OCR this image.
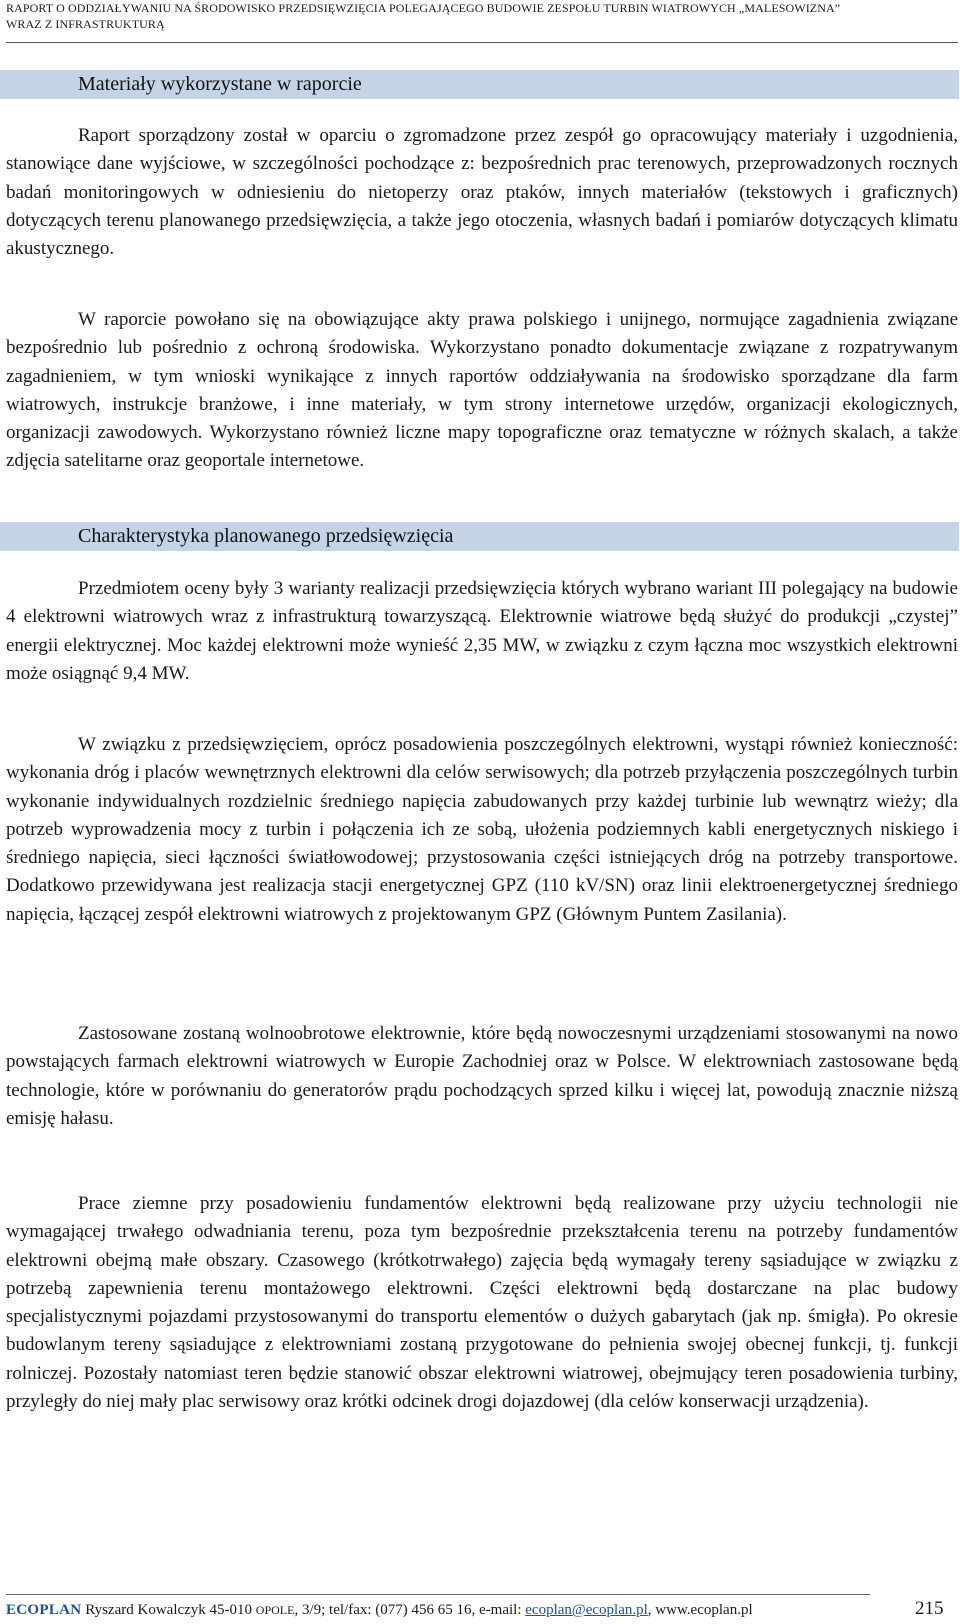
RAPORT O ODDZIAŁYWANIU NA ŚRODOWISKO PRZEDSIĘWZIĘCIA POLEGAJĄCEGO BUDOWIE ZESPOŁU TURBIN WIATROWYCH „MALESOWIZNA”
WRAZ Z INFRASTRUKTURĄ
Materiały wykorzystane w raporcie

Raport sporządzony został w oparciu o zgromadzone przez zespół go opracowujący materiały i uzgodnienia, stanowiące dane wyjściowe, w szczególności pochodzące z: bezpośrednich prac terenowych, przeprowadzonych rocznych badań monitoringowych w odniesieniu do nietoperzy oraz ptaków, innych materiałów (tekstowych i graficznych) dotyczących terenu planowanego przedsięwzięcia, a także jego otoczenia, własnych badań i pomiarów dotyczących klimatu akustycznego.

W raporcie powołano się na obowiązujące akty prawa polskiego i unijnego, normujące zagadnienia związane bezpośrednio lub pośrednio z ochroną środowiska. Wykorzystano ponadto dokumentacje związane z rozpatrywanym zagadnieniem, w tym wnioski wynikające z innych raportów oddziaływania na środowisko sporządzane dla farm wiatrowych, instrukcje branżowe, i inne materiały, w tym strony internetowe urzędów, organizacji ekologicznych, organizacji zawodowych. Wykorzystano również liczne mapy topograficzne oraz tematyczne w różnych skalach, a także zdjęcia satelitarne oraz geoportale internetowe.

Charakterystyka planowanego przedsięwzięcia

Przedmiotem oceny były 3 warianty realizacji przedsięwzięcia których wybrano wariant III polegający na budowie 4 elektrowni wiatrowych wraz z infrastrukturą towarzyszącą. Elektrownie wiatrowe będą służyć do produkcji „czystej” energii elektrycznej. Moc każdej elektrowni może wynieść 2,35 MW, w związku z czym łączna moc wszystkich elektrowni może osiągnąć 9,4 MW.

W związku z przedsięwzięciem, oprócz posadowienia poszczególnych elektrowni, wystąpi również konieczność: wykonania dróg i placów wewnętrznych elektrowni dla celów serwisowych; dla potrzeb przyłączenia poszczególnych turbin wykonanie indywidualnych rozdzielnic średniego napięcia zabudowanych przy każdej turbinie lub wewnątrz wieży; dla potrzeb wyprowadzenia mocy z turbin i połączenia ich ze sobą, ułożenia podziemnych kabli energetycznych niskiego i średniego napięcia, sieci łączności światłowodowej; przystosowania części istniejących dróg na potrzeby transportowe. Dodatkowo przewidywana jest realizacja stacji energetycznej GPZ (110 kV/SN) oraz linii elektroenergetycznej średniego napięcia, łączącej zespół elektrowni wiatrowych z projektowanym GPZ (Głównym Puntem Zasilania).

Zastosowane zostaną wolnoobrotowe elektrownie, które będą nowoczesnymi urządzeniami stosowanymi na nowo powstających farmach elektrowni wiatrowych w Europie Zachodniej oraz w Polsce. W elektrowniach zastosowane będą technologie, które w porównaniu do generatorów prądu pochodzących sprzed kilku i więcej lat, powodują znacznie niższą emisję hałasu.

Prace ziemne przy posadowieniu fundamentów elektrowni będą realizowane przy użyciu technologii nie wymagającej trwałego odwadniania terenu, poza tym bezpośrednie przekształcenia terenu na potrzeby fundamentów elektrowni obejmą małe obszary. Czasowego (krótkotrwałego) zajęcia będą wymagały tereny sąsiadujące w związku z potrzebą zapewnienia terenu montażowego elektrowni. Części elektrowni będą dostarczane na plac budowy specjalistycznymi pojazdami przystosowanymi do transportu elementów o dużych gabarytach (jak np. śmigła). Po okresie budowlanym tereny sąsiadujące z elektrowniami zostaną przygotowane do pełnienia swojej obecnej funkcji, tj. funkcji rolniczej. Pozostały natomiast teren będzie stanowić obszar elektrowni wiatrowej, obejmujący teren posadowienia turbiny, przyległy do niej mały plac serwisowy oraz krótki odcinek drogi dojazdowej (dla celów konserwacji urządzenia).

ECOPLAN Ryszard Kowalczyk 45-010 OPOLE, 3/9; tel/fax: (077) 456 65 16, e-mail: ecoplan@ecoplan.pl, www.ecoplan.pl	215
